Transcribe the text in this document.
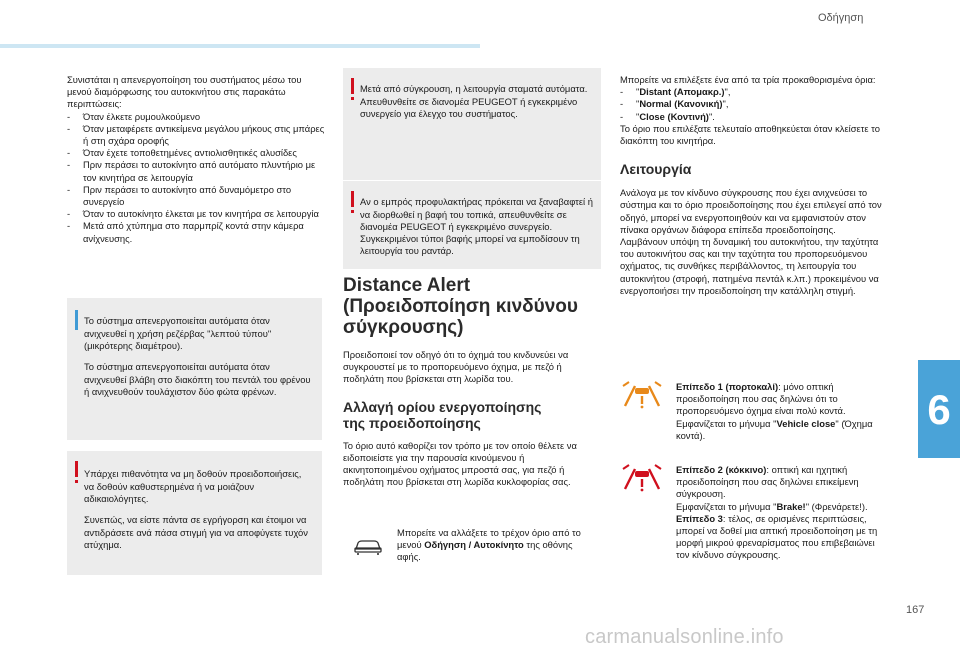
Οδήγηση

Συνιστάται η απενεργοποίηση του συστήματος μέσω του μενού διαμόρφωσης του αυτοκινήτου στις παρακάτω περιπτώσεις:

- Όταν έλκετε ρυμουλκούμενο
- Όταν μεταφέρετε αντικείμενα μεγάλου μήκους στις μπάρες ή στη σχάρα οροφής
- Όταν έχετε τοποθετημένες αντιολισθητικές αλυσίδες
- Πριν περάσει το αυτοκίνητο από αυτόματο πλυντήριο με τον κινητήρα σε λειτουργία
- Πριν περάσει το αυτοκίνητο από δυναμόμετρο στο συνεργείο
- Όταν το αυτοκίνητο έλκεται με τον κινητήρα σε λειτουργία
- Μετά από χτύπημα στο παρμπρίζ κοντά στην κάμερα ανίχνευσης.

Το σύστημα απενεργοποιείται αυτόματα όταν ανιχνευθεί η χρήση ρεζέρβας "λεπτού τύπου" (μικρότερης διαμέτρου).

Το σύστημα απενεργοποιείται αυτόματα όταν ανιχνευθεί βλάβη στο διακόπτη του πεντάλ του φρένου ή ανιχνευθούν τουλάχιστον δύο φώτα φρένων.

Υπάρχει πιθανότητα να μη δοθούν προειδοποιήσεις, να δοθούν καθυστερημένα ή να μοιάζουν αδικαιολόγητες.

Συνεπώς, να είστε πάντα σε εγρήγορση και έτοιμοι να αντιδράσετε ανά πάσα στιγμή για να αποφύγετε τυχόν ατύχημα.

Μετά από σύγκρουση, η λειτουργία σταματά αυτόματα. Απευθυνθείτε σε διανομέα PEUGEOT ή εγκεκριμένο συνεργείο για έλεγχο του συστήματος.

Αν ο εμπρός προφυλακτήρας πρόκειται να ξαναβαφτεί ή να διορθωθεί η βαφή του τοπικά, απευθυνθείτε σε διανομέα PEUGEOT ή εγκεκριμένο συνεργείο. Συγκεκριμένοι τύποι βαφής μπορεί να εμποδίσουν τη λειτουργία του ραντάρ.

Distance Alert
(Προειδοποίηση κινδύνου
σύγκρουσης)

Προειδοποιεί τον οδηγό ότι το όχημά του κινδυνεύει να συγκρουστεί με το προπορευόμενο όχημα, με πεζό ή ποδηλάτη που βρίσκεται στη λωρίδα του.

Αλλαγή ορίου ενεργοποίησης
της προειδοποίησης

Το όριο αυτό καθορίζει τον τρόπο με τον οποίο θέλετε να ειδοποιείστε για την παρουσία κινούμενου ή ακινητοποιημένου οχήματος μπροστά σας, για πεζό ή ποδηλάτη που βρίσκεται στη λωρίδα κυκλοφορίας σας.

Μπορείτε να αλλάξετε το τρέχον όριο από το μενού Οδήγηση / Αυτοκίνητο της οθόνης αφής.

Μπορείτε να επιλέξετε ένα από τα τρία προκαθορισμένα όρια:

- "Distant (Απομακρ.)",
- "Normal (Κανονική)",
- "Close (Κοντινή)".

Το όριο που επιλέξατε τελευταίο αποθηκεύεται όταν κλείσετε το διακόπτη του κινητήρα.

Λειτουργία

Ανάλογα με τον κίνδυνο σύγκρουσης που έχει ανιχνεύσει το σύστημα και το όριο προειδοποίησης που έχει επιλεγεί από τον οδηγό, μπορεί να ενεργοποιηθούν και να εμφανιστούν στον πίνακα οργάνων διάφορα επίπεδα προειδοποίησης. Λαμβάνουν υπόψη τη δυναμική του αυτοκινήτου, την ταχύτητα του αυτοκινήτου σας και την ταχύτητα του προπορευόμενου οχήματος, τις συνθήκες περιβάλλοντος, τη λειτουργία του αυτοκινήτου (στροφή, πατημένα πεντάλ κ.λπ.) προκειμένου να ενεργοποιήσει την προειδοποίηση την κατάλληλη στιγμή.

Επίπεδο 1 (πορτοκαλί): μόνο οπτική προειδοποίηση που σας δηλώνει ότι το προπορευόμενο όχημα είναι πολύ κοντά.

Εμφανίζεται το μήνυμα "Vehicle close" (Όχημα κοντά).

Επίπεδο 2 (κόκκινο): οπτική και ηχητική προειδοποίηση που σας δηλώνει επικείμενη σύγκρουση.

Εμφανίζεται το μήνυμα "Brake!" (Φρενάρετε!).

Επίπεδο 3: τέλος, σε ορισμένες περιπτώσεις, μπορεί να δοθεί μια απτική προειδοποίηση με τη μορφή μικρού φρεναρίσματος που επιβεβαιώνει τον κίνδυνο σύγκρουσης.

6
167
carmanualsonline.info
